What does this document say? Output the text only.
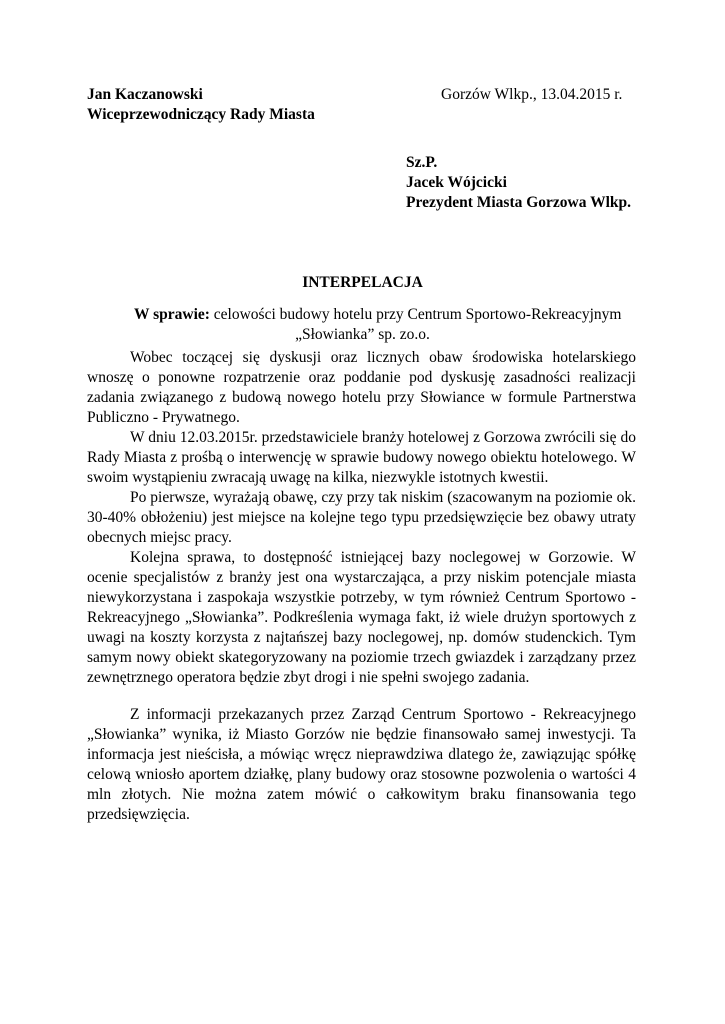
Jan Kaczanowski
Wiceprzewodniczący Rady Miasta
Gorzów Wlkp., 13.04.2015 r.
Sz.P.
Jacek Wójcicki
Prezydent Miasta Gorzowa Wlkp.
INTERPELACJA
W sprawie: celowości budowy hotelu przy Centrum Sportowo-Rekreacyjnym
„Słowianka” sp. zo.o.

Wobec toczącej się dyskusji oraz licznych obaw środowiska hotelarskiego wnoszę o ponowne rozpatrzenie oraz poddanie pod dyskusję zasadności realizacji zadania związanego z budową nowego hotelu przy Słowiance w formule Partnerstwa Publiczno - Prywatnego.

W dniu 12.03.2015r. przedstawiciele branży hotelowej z Gorzowa zwrócili się do Rady Miasta z prośbą o interwencję w sprawie budowy nowego obiektu hotelowego. W swoim wystąpieniu zwracają uwagę na kilka, niezwykle istotnych kwestii.

Po pierwsze, wyrażają obawę, czy przy tak niskim (szacowanym na poziomie ok. 30-40% obłożeniu) jest miejsce na kolejne tego typu przedsięwzięcie bez obawy utraty obecnych miejsc pracy.

Kolejna sprawa, to dostępność istniejącej bazy noclegowej w Gorzowie. W ocenie specjalistów z branży jest ona wystarczająca, a przy niskim potencjale miasta niewykorzystana i zaspokaja wszystkie potrzeby, w tym również Centrum Sportowo - Rekreacyjnego „Słowianka”. Podkreślenia wymaga fakt, iż wiele drużyn sportowych z uwagi na koszty korzysta z najtańszej bazy noclegowej, np. domów studenckich. Tym samym nowy obiekt skategoryzowany na poziomie trzech gwiazdek i zarządzany przez zewnętrznego operatora będzie zbyt drogi i nie spełni swojego zadania.

Z informacji przekazanych przez Zarząd Centrum Sportowo - Rekreacyjnego „Słowianka” wynika, iż Miasto Gorzów nie będzie finansowało samej inwestycji. Ta informacja jest nieścisła, a mówiąc wręcz nieprawdziwa dlatego że, zawiązując spółkę celową wniosło aportem działkę, plany budowy oraz stosowne pozwolenia o wartości 4 mln złotych. Nie można zatem mówić o całkowitym braku finansowania tego przedsięwzięcia.
